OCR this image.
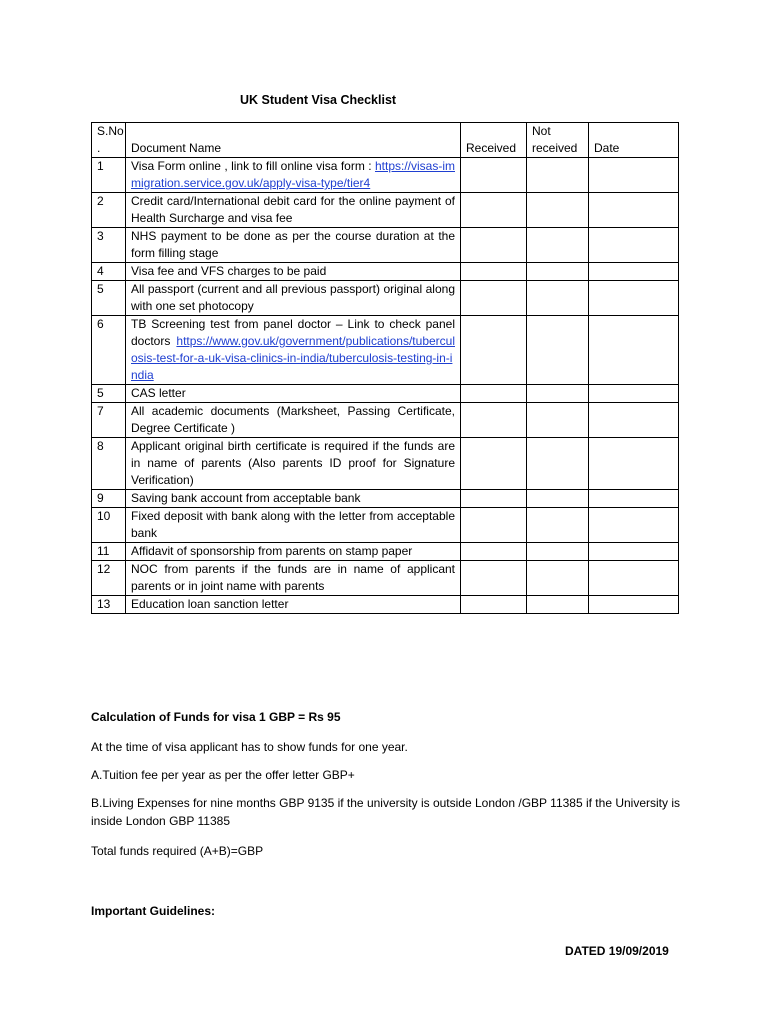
UK Student Visa Checklist
S.No .	Document Name	Received	Not received	Date
1	Visa Form online , link to fill online visa form : https://visas-immigration.service.gov.uk/apply-visa-type/tier4			
2	Credit card/International debit card for the online payment of Health Surcharge and visa fee			
3	NHS payment to be done as per the course duration at the form filling stage			
4	Visa fee and VFS charges to be paid			
5	All passport (current and all previous passport) original along with one set photocopy			
6	TB Screening test from panel doctor – Link to check panel doctors https://www.gov.uk/government/publications/tuberculosis-test-for-a-uk-visa-clinics-in-india/tuberculosis-testing-in-india			
5	CAS letter			
7	All academic documents (Marksheet, Passing Certificate, Degree Certificate )			
8	Applicant original birth certificate is required if the funds are in name of parents (Also parents ID proof for Signature Verification)			
9	Saving bank account from acceptable bank			
10	Fixed deposit with bank along with the letter from acceptable bank			
11	Affidavit of sponsorship from parents on stamp paper			
12	NOC from parents if the funds are in name of applicant parents or in joint name with parents			
13	Education loan sanction letter			
Calculation of Funds for visa 1 GBP = Rs 95
At the time of visa applicant has to show funds for one year.
A.Tuition fee per year as per the offer letter GBP+
B.Living Expenses for nine months GBP 9135 if the university is outside London /GBP 11385 if the University is inside London GBP 11385
Total funds required (A+B)=GBP
Important Guidelines:
DATED 19/09/2019
